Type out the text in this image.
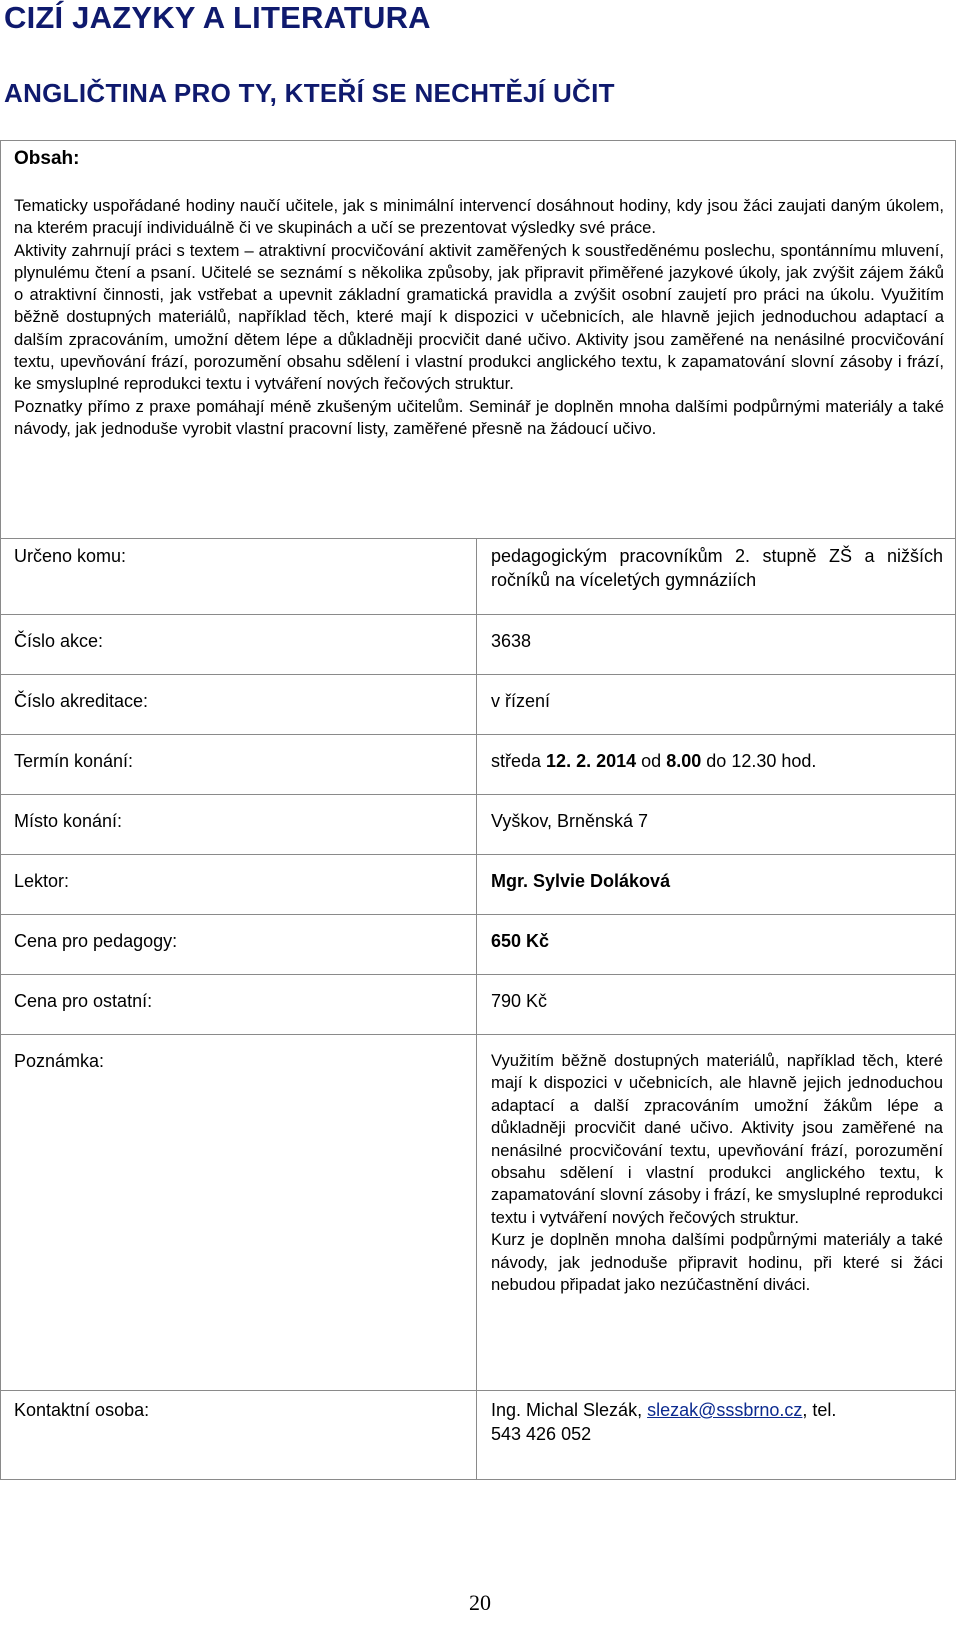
CIZÍ JAZYKY A LITERATURA
ANGLIČTINA PRO TY, KTEŘÍ SE NECHTĚJÍ UČIT
Obsah:

Tematicky uspořádané hodiny naučí učitele, jak s minimální intervencí dosáhnout hodiny, kdy jsou žáci zaujati daným úkolem, na kterém pracují individuálně či ve skupinách a učí se prezentovat výsledky své práce.

Aktivity zahrnují práci s textem – atraktivní procvičování aktivit zaměřených k soustředěnému poslechu, spontánnímu mluvení, plynulému čtení a psaní. Učitelé se seznámí s několika způsoby, jak připravit přiměřené jazykové úkoly, jak zvýšit zájem žáků o atraktivní činnosti, jak vstřebat a upevnit základní gramatická pravidla a zvýšit osobní zaujetí pro práci na úkolu. Využitím běžně dostupných materiálů, například těch, které mají k dispozici v učebnicích, ale hlavně jejich jednoduchou adaptací a dalším zpracováním, umožní dětem lépe a důkladněji procvičit dané učivo. Aktivity jsou zaměřené na nenásilné procvičování textu, upevňování frází, porozumění obsahu sdělení i vlastní produkci anglického textu, k zapamatování slovní zásoby i frází, ke smysluplné reprodukci textu i vytváření nových řečových struktur.

Poznatky přímo z praxe pomáhají méně zkušeným učitelům. Seminář je doplněn mnoha dalšími podpůrnými materiály a také návody, jak jednoduše vyrobit vlastní pracovní listy, zaměřené přesně na žádoucí učivo.

Určeno komu:	pedagogickým pracovníkům 2. stupně ZŠ a nižších ročníků na víceletých gymnáziích

Číslo akce:	3638

Číslo akreditace:	v řízení

Termín konání:	středa 12. 2. 2014 od 8.00 do 12.30 hod.

Místo konání:	Vyškov, Brněnská 7

Lektor:	Mgr. Sylvie Doláková

Cena pro pedagogy:	650 Kč

Cena pro ostatní:	790 Kč

Poznámka:	Využitím běžně dostupných materiálů, například těch, které mají k dispozici v učebnicích, ale hlavně jejich jednoduchou adaptací a další zpracováním umožní žákům lépe a důkladněji procvičit dané učivo. Aktivity jsou zaměřené na nenásilné procvičování textu, upevňování frází, porozumění obsahu sdělení i vlastní produkci anglického textu, k zapamatování slovní zásoby i frází, ke smysluplné reprodukci textu i vytváření nových řečových struktur.

Kurz je doplněn mnoha dalšími podpůrnými materiály a také návody, jak jednoduše připravit hodinu, při které si žáci nebudou připadat jako nezúčastnění diváci.

Kontaktní osoba:	Ing. Michal Slezák, slezak@sssbrno.cz, tel.
543 426 052

20
